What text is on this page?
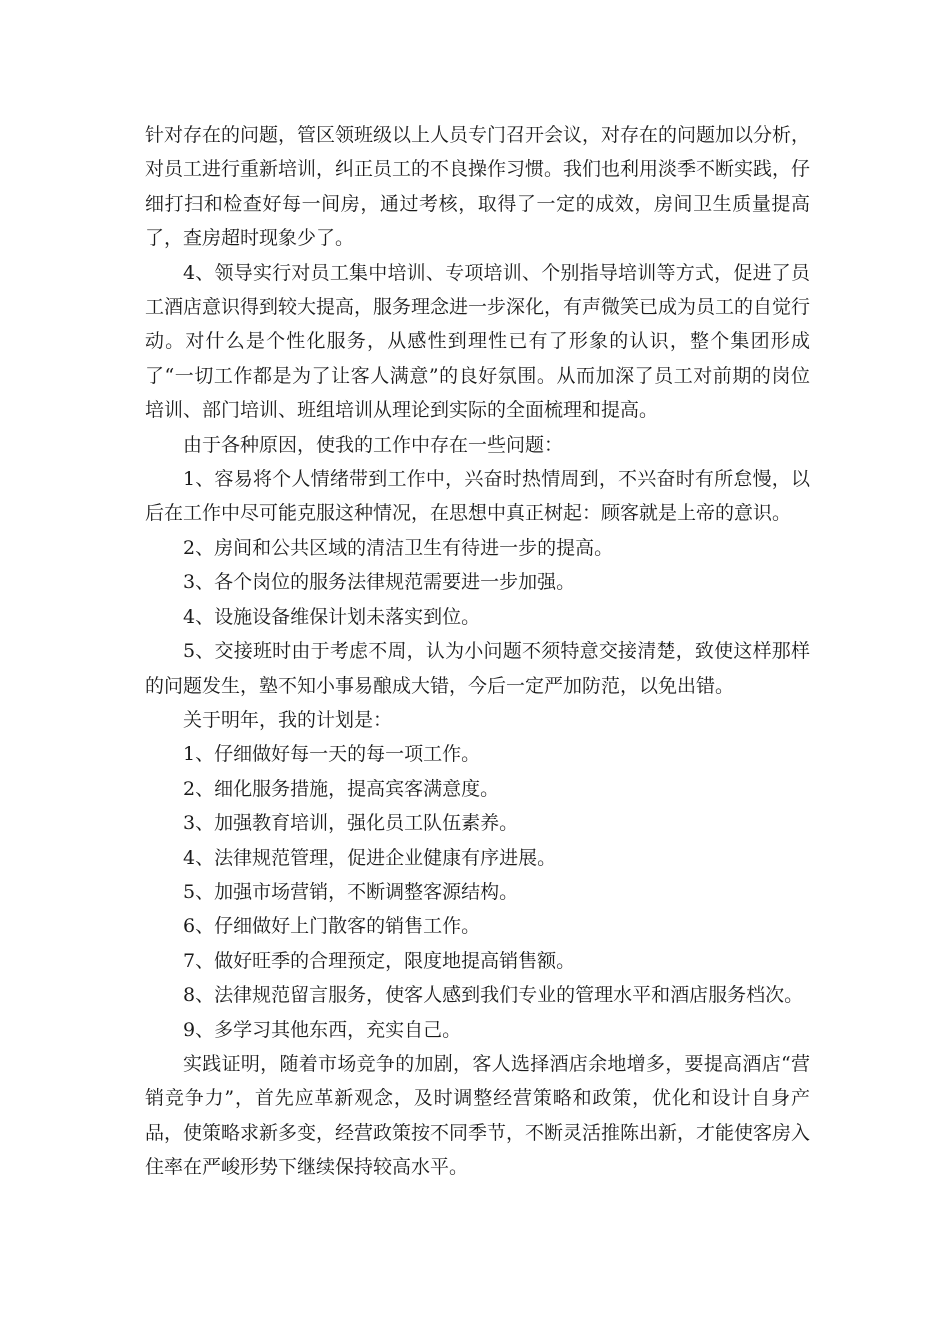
针对存在的问题，管区领班级以上人员专门召开会议，对存在的问题加以分析，对员工进行重新培训，纠正员工的不良操作习惯。我们也利用淡季不断实践，仔细打扫和检查好每一间房，通过考核，取得了一定的成效，房间卫生质量提高了，查房超时现象少了。

4、领导实行对员工集中培训、专项培训、个别指导培训等方式，促进了员工酒店意识得到较大提高，服务理念进一步深化，有声微笑已成为员工的自觉行动。对什么是个性化服务，从感性到理性已有了形象的认识，整个集团形成了“一切工作都是为了让客人满意”的良好氛围。从而加深了员工对前期的岗位培训、部门培训、班组培训从理论到实际的全面梳理和提高。

由于各种原因，使我的工作中存在一些问题：

1、容易将个人情绪带到工作中，兴奋时热情周到，不兴奋时有所怠慢，以后在工作中尽可能克服这种情况，在思想中真正树起：顾客就是上帝的意识。

2、房间和公共区域的清洁卫生有待进一步的提高。

3、各个岗位的服务法律规范需要进一步加强。

4、设施设备维保计划未落实到位。

5、交接班时由于考虑不周，认为小问题不须特意交接清楚，致使这样那样的问题发生，塾不知小事易酿成大错，今后一定严加防范，以免出错。

关于明年，我的计划是：

1、仔细做好每一天的每一项工作。

2、细化服务措施，提高宾客满意度。

3、加强教育培训，强化员工队伍素养。

4、法律规范管理，促进企业健康有序进展。

5、加强市场营销，不断调整客源结构。

6、仔细做好上门散客的销售工作。

7、做好旺季的合理预定，限度地提高销售额。

8、法律规范留言服务，使客人感到我们专业的管理水平和酒店服务档次。

9、多学习其他东西，充实自己。

实践证明，随着市场竞争的加剧，客人选择酒店余地增多，要提高酒店“营销竞争力”，首先应革新观念，及时调整经营策略和政策，优化和设计自身产品，使策略求新多变，经营政策按不同季节，不断灵活推陈出新，才能使客房入住率在严峻形势下继续保持较高水平。
